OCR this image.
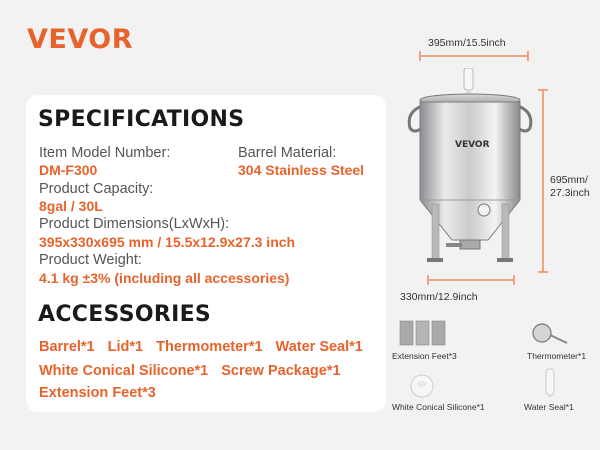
VEVOR
SPECIFICATIONS
Item Model Number:
DM-F300
Barrel Material:
304 Stainless Steel
Product Capacity:
8gal / 30L
Product Dimensions(LxWxH):
395x330x695 mm / 15.5x12.9x27.3 inch
Product Weight:
4.1 kg ±3% (including all accessories)
ACCESSORIES
Barrel*1 Lid*1 Thermometer*1 Water Seal*1
White Conical Silicone*1 Screw Package*1
Extension Feet*3
VEVOR
395mm/15.5inch
695mm/
27.3inch
330mm/12.9inch
Extension Feet*3	Thermometer*1
White Conical Silicone*1	Water Seal*1
